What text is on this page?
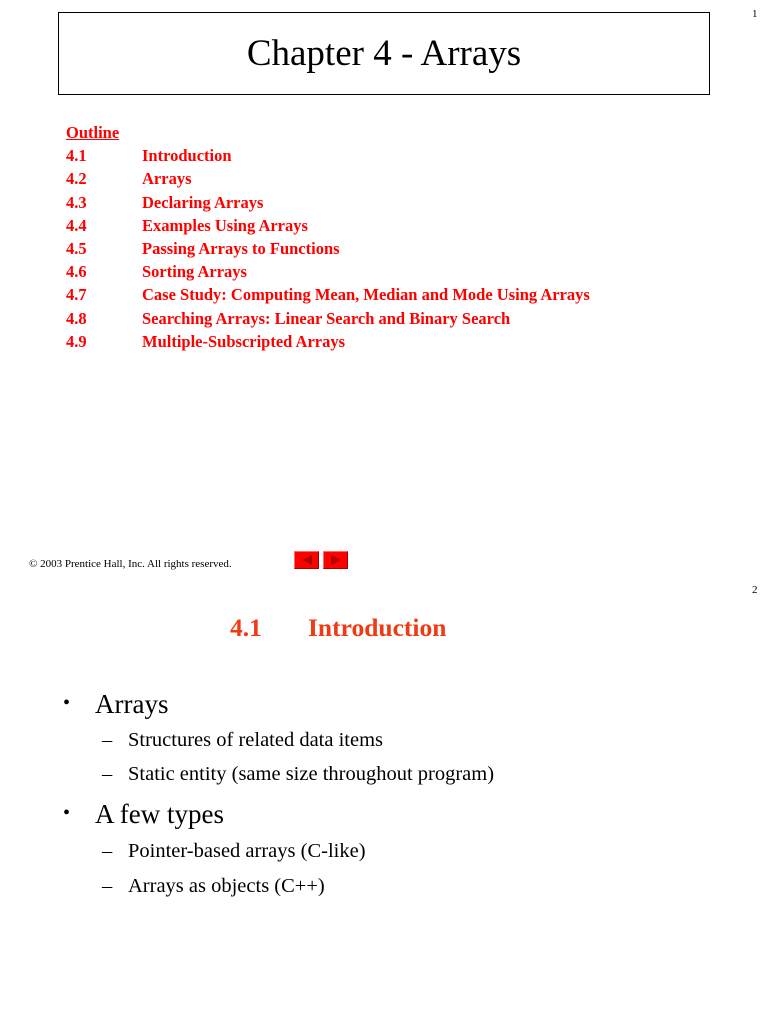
1
Chapter 4 - Arrays
Outline
4.1	Introduction
4.2	Arrays
4.3	Declaring Arrays
4.4	Examples Using Arrays
4.5	Passing Arrays to Functions
4.6	Sorting Arrays
4.7	Case Study: Computing Mean, Median and Mode Using Arrays
4.8	Searching Arrays: Linear Search and Binary Search
4.9	Multiple-Subscripted Arrays
© 2003 Prentice Hall, Inc. All rights reserved.
2
4.1 Introduction
• Arrays
– Structures of related data items
– Static entity (same size throughout program)
• A few types
– Pointer-based arrays (C-like)
– Arrays as objects (C++)
